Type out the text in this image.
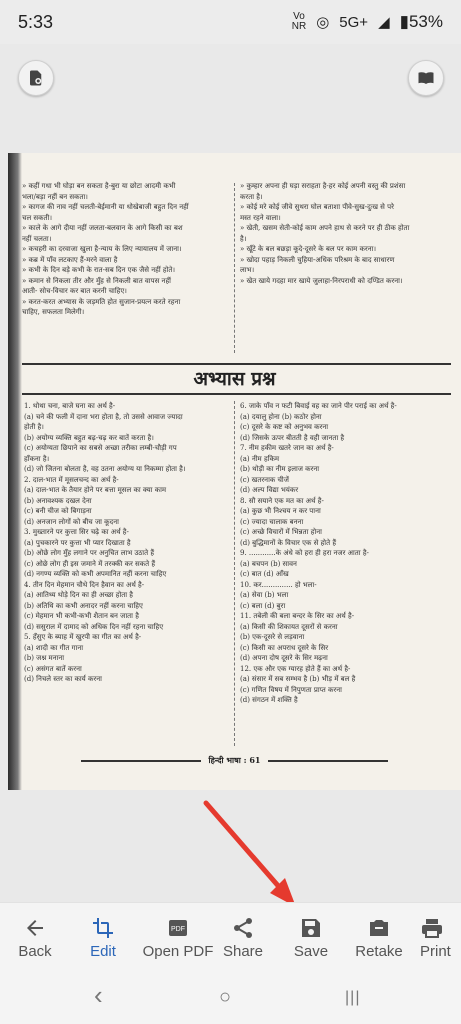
5:33	Vo
NR ◎ 5G+ ◢ ▮53%

» कहीं गधा भी घोड़ा बन सकता है-बुरा या छोटा आदमी कभी

भला/बड़ा नहीं बन सकता।

» कागज की नाव नहीं चलती-बेईमानी या धोखेबाजी बहुत दिन नहीं

चल सकती।

» काले के आगे दीया नहीं जलता-बलवान के आगे किसी का बश

नहीं चलता।

» कचहरी का दरवाजा खुला है-न्याय के लिए न्यायालय में जाना।

» कब्र में पाँव लटकाए हैं-मरने वाला है

» कभी के दिन बड़े कभी के रात-सब दिन एक जैसे नहीं होते।

» कमान से निकला तीर और मुँह से निकली बात वापस नहीं

आती- सोच-विचार कर बात करनी चाहिए।

» करत-करत अभ्यास के जड़मति होत सुजान-प्रयत्न करते रहना

चाहिए, सफलता मिलेगी।

» कुम्हार अपना ही घड़ा सराहता है-हर कोई अपनी वस्तु की प्रशंसा

करता है।

» कोई मरे कोई जीवे सुथरा घोल बताशा पीवे-सुख-दुःख से परे

मस्त रहने वाला।

» खेती, खसम सेती-कोई काम अपने हाथ से करने पर ही ठीक होता

है।

» खूँटे के बल बछड़ा कूदे-दूसरे के बल पर काम करना।

» खोदा पहाड़ निकली चुहिया-अधिक परिश्रम के बाद साधारण

लाभ।

» खेत खाये गदहा मार खाये जुलाहा-निरपराधी को दण्डित करना।

अभ्यास प्रश्न

1. थोथा चना, बाजे घना का अर्थ है-

(a) चने की फली में दाना भरा होता है, तो उससे आवाज ज्यादा

होती है।

(b) अयोग्य व्यक्ति बहुत बढ़-चढ़ कर बातें करता है।

(c) अयोग्यता छिपाने का सबसे अच्छा तरीका लम्बी-चौड़ी गप

हाँकना है।

(d) जो जितना बोलता है, वह उतना अयोग्य या निकम्मा होता है।

2. दाल-भात में मूसलचन्द का अर्थ है-

(a) दाल-भात के तैयार होने पर बत्ता मूसल का क्या काम

(b) अनावश्यक दखल देना

(c) बनी चीज को बिगाड़ना

(d) अनजान लोगों को बीच जा कूदना

3. मुख्तारने पर कुत्ता सिर चढ़े का अर्थ है-

(a) पुचकारने पर कुत्ता भी प्यार दिखाता है

(b) ओछे लोग मुँह लगाने पर अनुचित लाभ उठाते हैं

(c) ओछे लोग ही इस जमाने में तरक्की कर सकते हैं

(d) नगण्य व्यक्ति को कभी अपमानित नहीं करना चाहिए

4. तीन दिन मेहमान चौथे दिन हैवान का अर्थ है-

(a) आतिथ्य थोड़े दिन का ही अच्छा होता है

(b) अतिथि का कभी अनादर नहीं करना चाहिए

(c) मेहमान भी कभी-कभी शैतान बन जाता है

(d) ससुराल में दामाद को अधिक दिन नहीं रहना चाहिए

5. हँसुए के ब्याह में खुरपी का गीत का अर्थ है-

(a) शादी का गीत गाना

(b) जश्न मनाना

(c) असंगत बातें करना

(d) निचले स्तर का कार्य करना

6. जाके पाँव न फटी बिवाई वह का जाने पीर पराई का अर्थ है-

(a) दयालु होना (b) कठोर होना

(c) दूसरे के कष्ट को अनुभव करना

(d) जिसके ऊपर बीतती है वही जानता है

7. नीम हकीम खतरे जान का अर्थ है-

(a) नीम हकिम

(b) थोड़ी का नीम इलाज करना

(c) खतरनाक चीजें

(d) अल्प विद्या भयंकर

8. सौ सयाने एक मत का अर्थ है-

(a) कुछ भी निश्चय न कर पाना

(c) ज्यादा चालाक बनना

(c) अच्छे विचारों में भिन्नता होना

(d) बुद्धिमानों के विचार एक से होते हैं

9. ............के अंधे को हरा ही हरा नजर आता है-

(a) बचपन (b) सावन

(c) बात (d) आँख

10. कर.............. हो भला-

(a) सेवा (b) भला

(c) बला (d) बुरा

11. तबेली की बला बन्दर के सिर का अर्थ है-

(a) किसी की शिकायत दूसरों से करना

(b) एक-दूसरे से लड़वाना

(c) किसी का अपराध दूसरे के सिर

(d) अपना दोष दूसरे के सिर मढ़ना

12. एक और एक ग्यारह होते हैं का अर्थ है-

(a) संसार में सब सम्भव है (b) भीड़ में बल है

(c) गणित विषय में निपुणता प्राप्त करना

(d) संगठन में शक्ति है

हिन्दी भाषा : 61
Back	Edit
PDF
Open PDF Share	Save	Retake	Print
‹	○	|||
